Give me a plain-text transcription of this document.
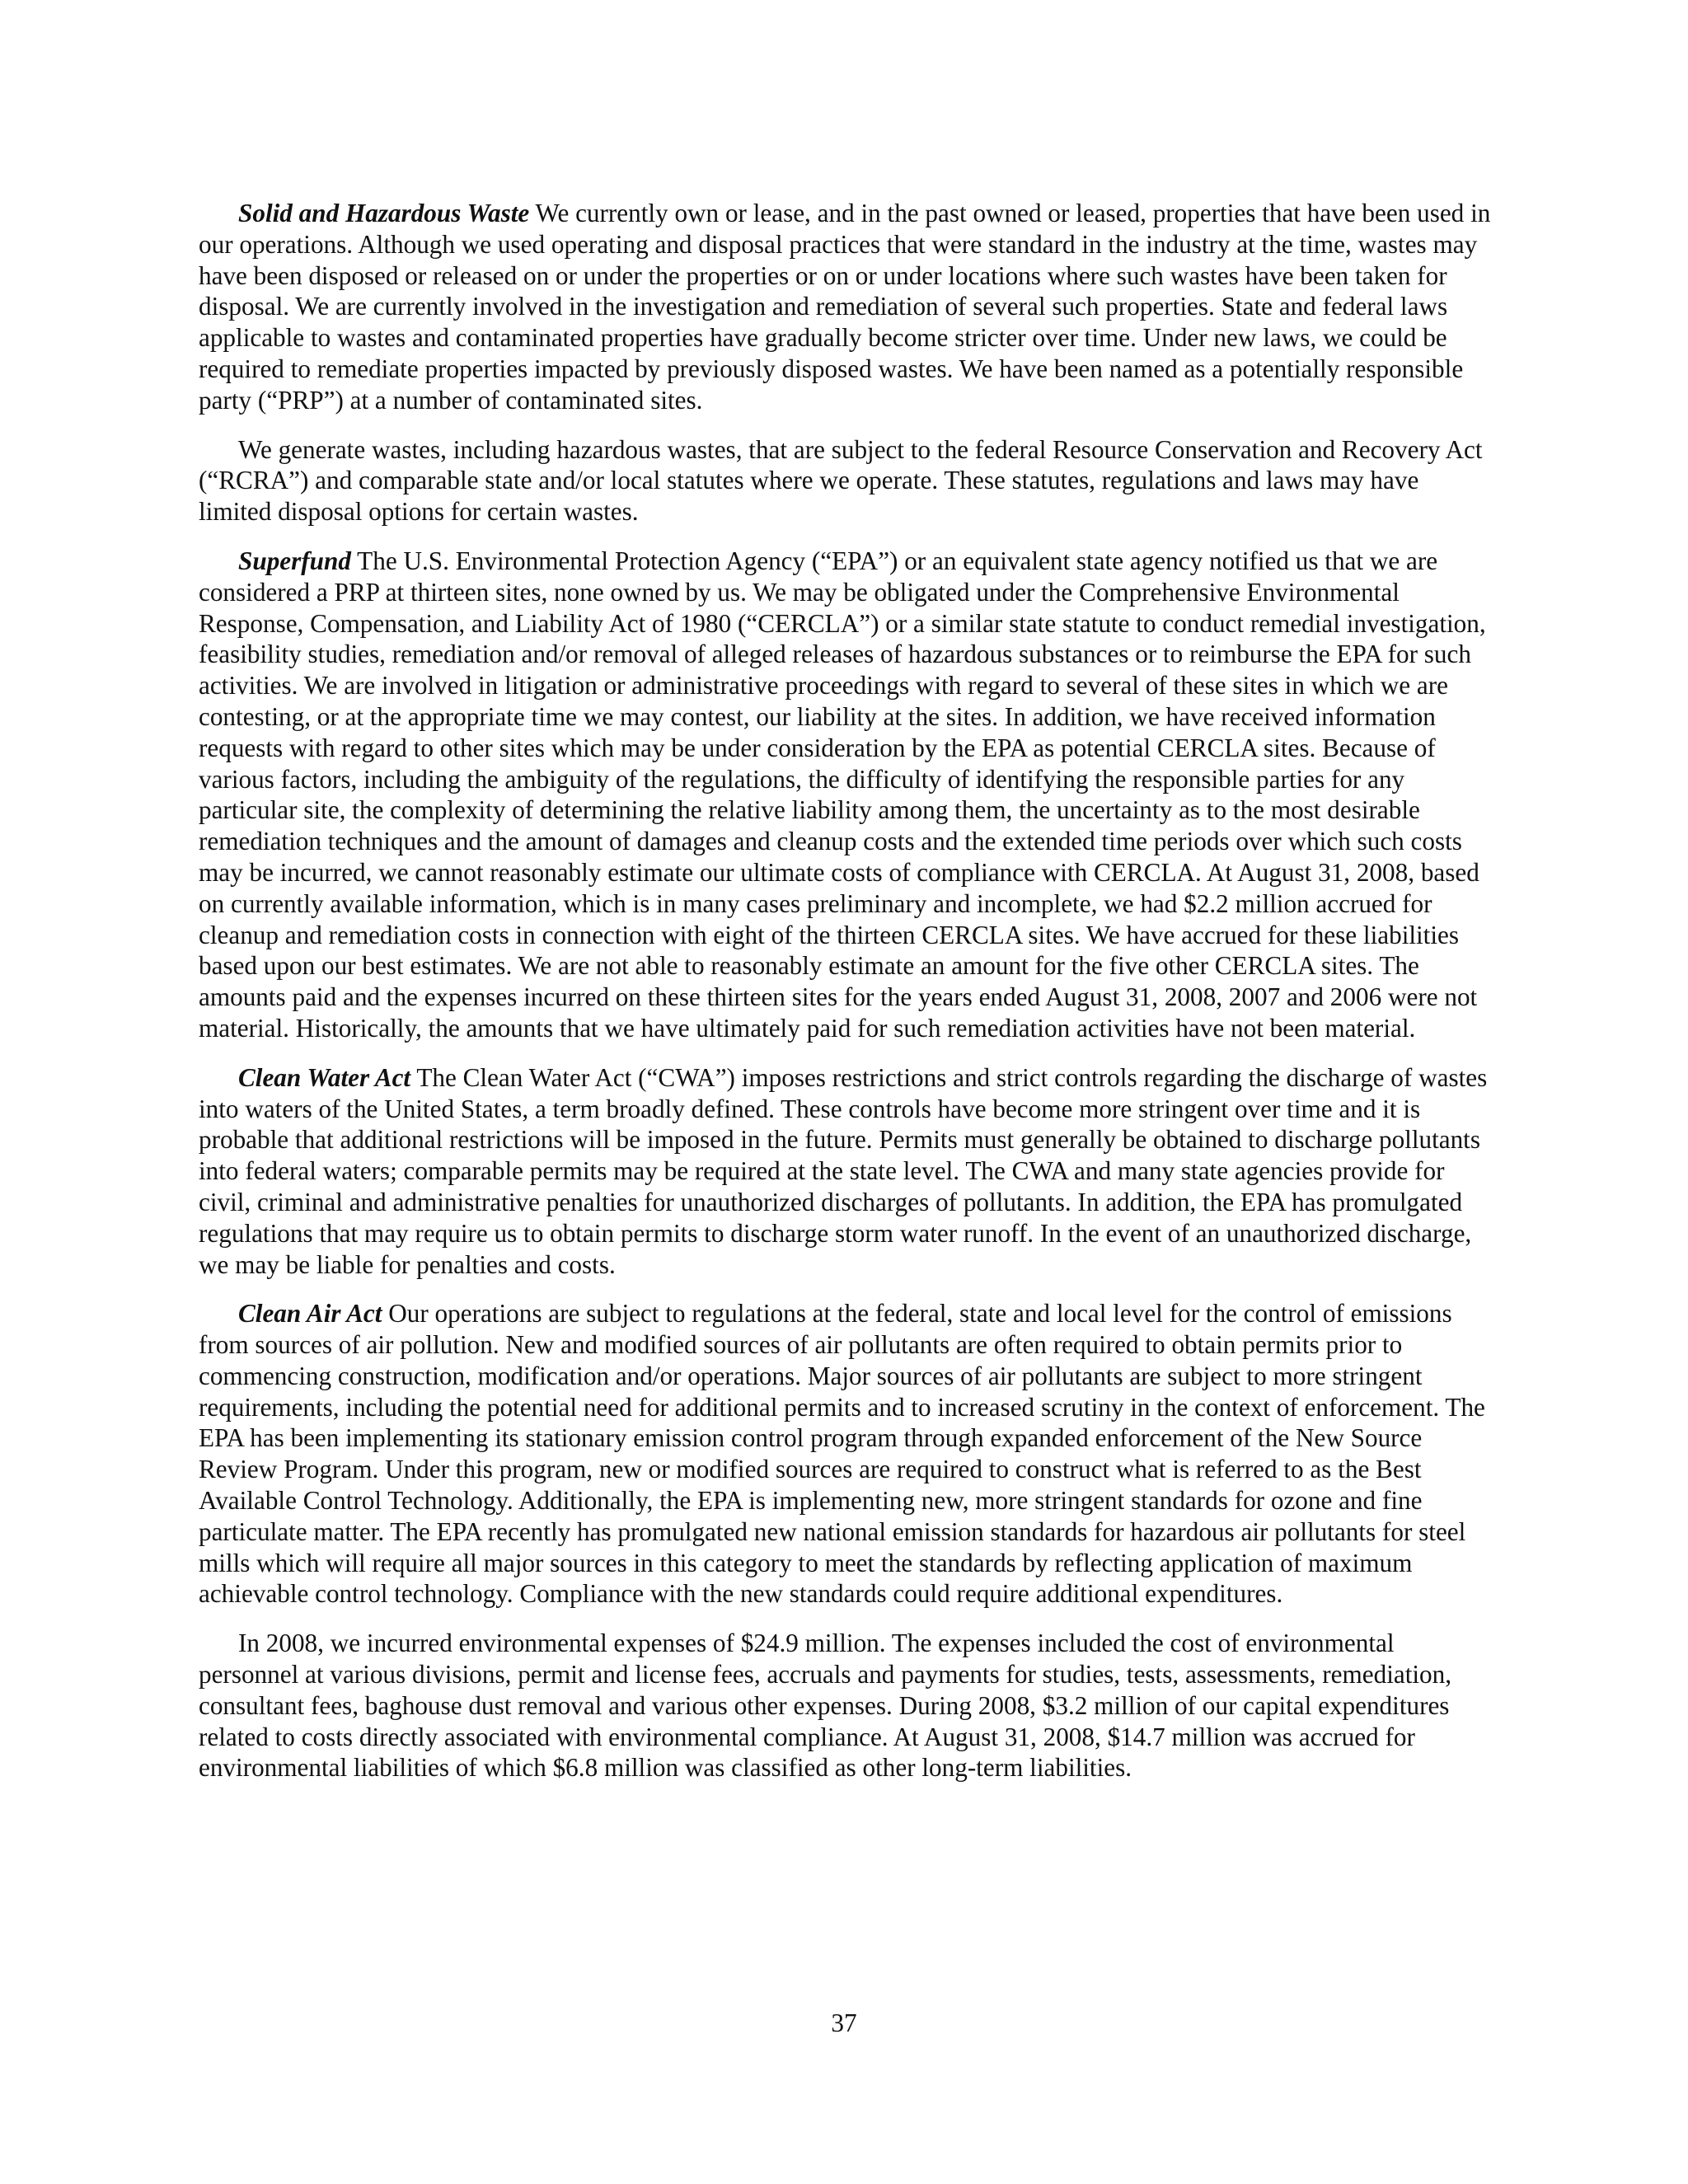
Solid and Hazardous Waste We currently own or lease, and in the past owned or leased, properties that have been used in our operations. Although we used operating and disposal practices that were standard in the industry at the time, wastes may have been disposed or released on or under the properties or on or under locations where such wastes have been taken for disposal. We are currently involved in the investigation and remediation of several such properties. State and federal laws applicable to wastes and contaminated properties have gradually become stricter over time. Under new laws, we could be required to remediate properties impacted by previously disposed wastes. We have been named as a potentially responsible party (“PRP”) at a number of contaminated sites.

We generate wastes, including hazardous wastes, that are subject to the federal Resource Conservation and Recovery Act (“RCRA”) and comparable state and/or local statutes where we operate. These statutes, regulations and laws may have limited disposal options for certain wastes.

Superfund The U.S. Environmental Protection Agency (“EPA”) or an equivalent state agency notified us that we are considered a PRP at thirteen sites, none owned by us. We may be obligated under the Comprehensive Environmental Response, Compensation, and Liability Act of 1980 (“CERCLA”) or a similar state statute to conduct remedial investigation, feasibility studies, remediation and/or removal of alleged releases of hazardous substances or to reimburse the EPA for such activities. We are involved in litigation or administrative proceedings with regard to several of these sites in which we are contesting, or at the appropriate time we may contest, our liability at the sites. In addition, we have received information requests with regard to other sites which may be under consideration by the EPA as potential CERCLA sites. Because of various factors, including the ambiguity of the regulations, the difficulty of identifying the responsible parties for any particular site, the complexity of determining the relative liability among them, the uncertainty as to the most desirable remediation techniques and the amount of damages and cleanup costs and the extended time periods over which such costs may be incurred, we cannot reasonably estimate our ultimate costs of compliance with CERCLA. At August 31, 2008, based on currently available information, which is in many cases preliminary and incomplete, we had $2.2 million accrued for cleanup and remediation costs in connection with eight of the thirteen CERCLA sites. We have accrued for these liabilities based upon our best estimates. We are not able to reasonably estimate an amount for the five other CERCLA sites. The amounts paid and the expenses incurred on these thirteen sites for the years ended August 31, 2008, 2007 and 2006 were not material. Historically, the amounts that we have ultimately paid for such remediation activities have not been material.

Clean Water Act The Clean Water Act (“CWA”) imposes restrictions and strict controls regarding the discharge of wastes into waters of the United States, a term broadly defined. These controls have become more stringent over time and it is probable that additional restrictions will be imposed in the future. Permits must generally be obtained to discharge pollutants into federal waters; comparable permits may be required at the state level. The CWA and many state agencies provide for civil, criminal and administrative penalties for unauthorized discharges of pollutants. In addition, the EPA has promulgated regulations that may require us to obtain permits to discharge storm water runoff. In the event of an unauthorized discharge, we may be liable for penalties and costs.

Clean Air Act Our operations are subject to regulations at the federal, state and local level for the control of emissions from sources of air pollution. New and modified sources of air pollutants are often required to obtain permits prior to commencing construction, modification and/or operations. Major sources of air pollutants are subject to more stringent requirements, including the potential need for additional permits and to increased scrutiny in the context of enforcement. The EPA has been implementing its stationary emission control program through expanded enforcement of the New Source Review Program. Under this program, new or modified sources are required to construct what is referred to as the Best Available Control Technology. Additionally, the EPA is implementing new, more stringent standards for ozone and fine particulate matter. The EPA recently has promulgated new national emission standards for hazardous air pollutants for steel mills which will require all major sources in this category to meet the standards by reflecting application of maximum achievable control technology. Compliance with the new standards could require additional expenditures.

In 2008, we incurred environmental expenses of $24.9 million. The expenses included the cost of environmental personnel at various divisions, permit and license fees, accruals and payments for studies, tests, assessments, remediation, consultant fees, baghouse dust removal and various other expenses. During 2008, $3.2 million of our capital expenditures related to costs directly associated with environmental compliance. At August 31, 2008, $14.7 million was accrued for environmental liabilities of which $6.8 million was classified as other long-term liabilities.

37
